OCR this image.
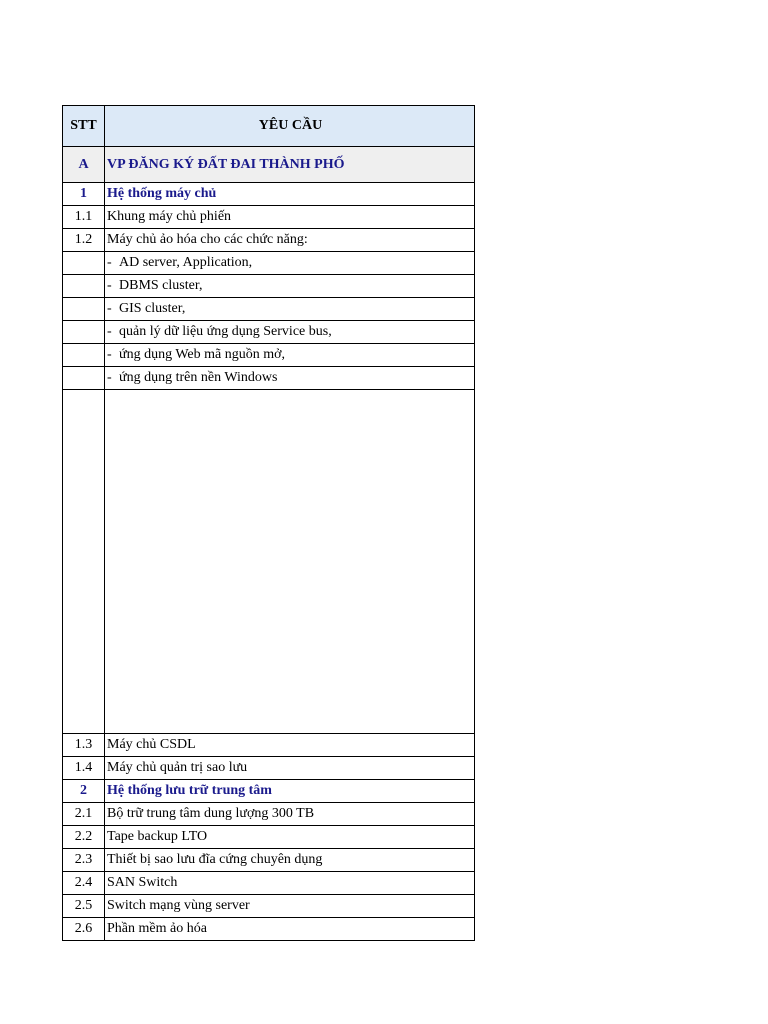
STT	YÊU CẦU
A	VP ĐĂNG KÝ ĐẤT ĐAI THÀNH PHỐ
1	Hệ thống máy chủ
1.1	Khung máy chủ phiến
1.2	Máy chủ ảo hóa cho các chức năng:
	- AD server, Application,
	- DBMS cluster,
	- GIS cluster,
	- quản lý dữ liệu ứng dụng Service bus,
	- ứng dụng Web mã nguồn mở,
	- ứng dụng trên nền Windows

1.3	Máy chủ CSDL
1.4	Máy chủ quản trị sao lưu
2	Hệ thống lưu trữ trung tâm
2.1	Bộ trữ trung tâm dung lượng 300 TB
2.2	Tape backup LTO
2.3	Thiết bị sao lưu đĩa cứng chuyên dụng
2.4	SAN Switch
2.5	Switch mạng vùng server
2.6	Phần mềm ảo hóa
